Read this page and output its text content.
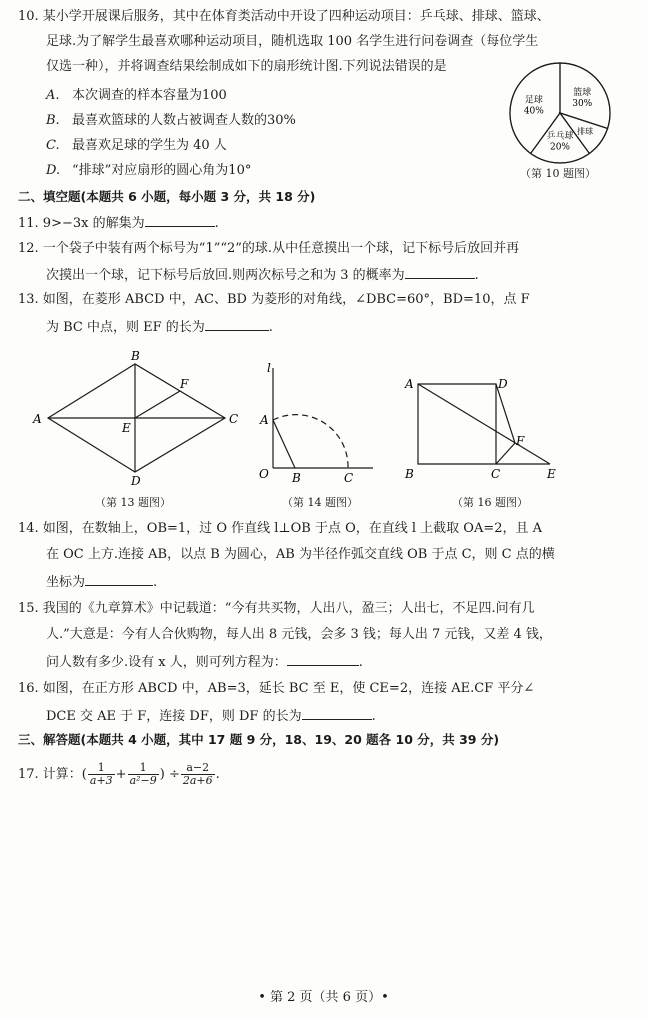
10. 某小学开展课后服务，其中在体育类活动中开设了四种运动项目：乒乓球、排球、篮球、
足球.为了解学生最喜欢哪种运动项目，随机选取 100 名学生进行问卷调查（每位学生
仅选一种），并将调查结果绘制成如下的扇形统计图.下列说法错误的是
A. 本次调查的样本容量为100
B. 最喜欢篮球的人数占被调查人数的30%
C. 最喜欢足球的学生为 40 人
D. “排球”对应扇形的圆心角为10°
足球
40%
篮球
30%
排球
乒乓球
20%
（第 10 题图）
二、填空题(本题共 6 小题，每小题 3 分，共 18 分)
11. 9>−3x 的解集为	.
12. 一个袋子中装有两个标号为“1”“2”的球.从中任意摸出一个球，记下标号后放回并再
次摸出一个球，记下标号后放回.则两次标号之和为 3 的概率为	.
13. 如图，在菱形 ABCD 中，AC、BD 为菱形的对角线，∠DBC=60°，BD=10，点 F
为 BC 中点，则 EF 的长为	.
A
B
C
D
E
F
（第 13 题图）
l
A
O B	C
（第 14 题图）
A	D
B	C	E
F
（第 16 题图）
14. 如图，在数轴上，OB=1，过 O 作直线 l⊥OB 于点 O，在直线 l 上截取 OA=2，且 A
在 OC 上方.连接 AB，以点 B 为圆心，AB 为半径作弧交直线 OB 于点 C，则 C 点的横
坐标为	.
15. 我国的《九章算术》中记载道：“今有共买物，人出八，盈三；人出七，不足四.问有几
人.”大意是：今有人合伙购物，每人出 8 元钱，会多 3 钱；每人出 7 元钱，又差 4 钱，
问人数有多少.设有 x 人，则可列方程为：	.
16. 如图，在正方形 ABCD 中，AB=3，延长 BC 至 E，使 CE=2，连接 AE.CF 平分∠
DCE 交 AE 于 F，连接 DF，则 DF 的长为	.
三、解答题(本题共 4 小题，其中 17 题 9 分，18、19、20 题各 10 分，共 39 分)
17. 计算：( $\frac{1}{a+3} + \frac{1}{\text{a²−9}}$ ) ÷ $\frac{a-2}{2a+6}$ .
• 第 2 页（共 6 页）•
